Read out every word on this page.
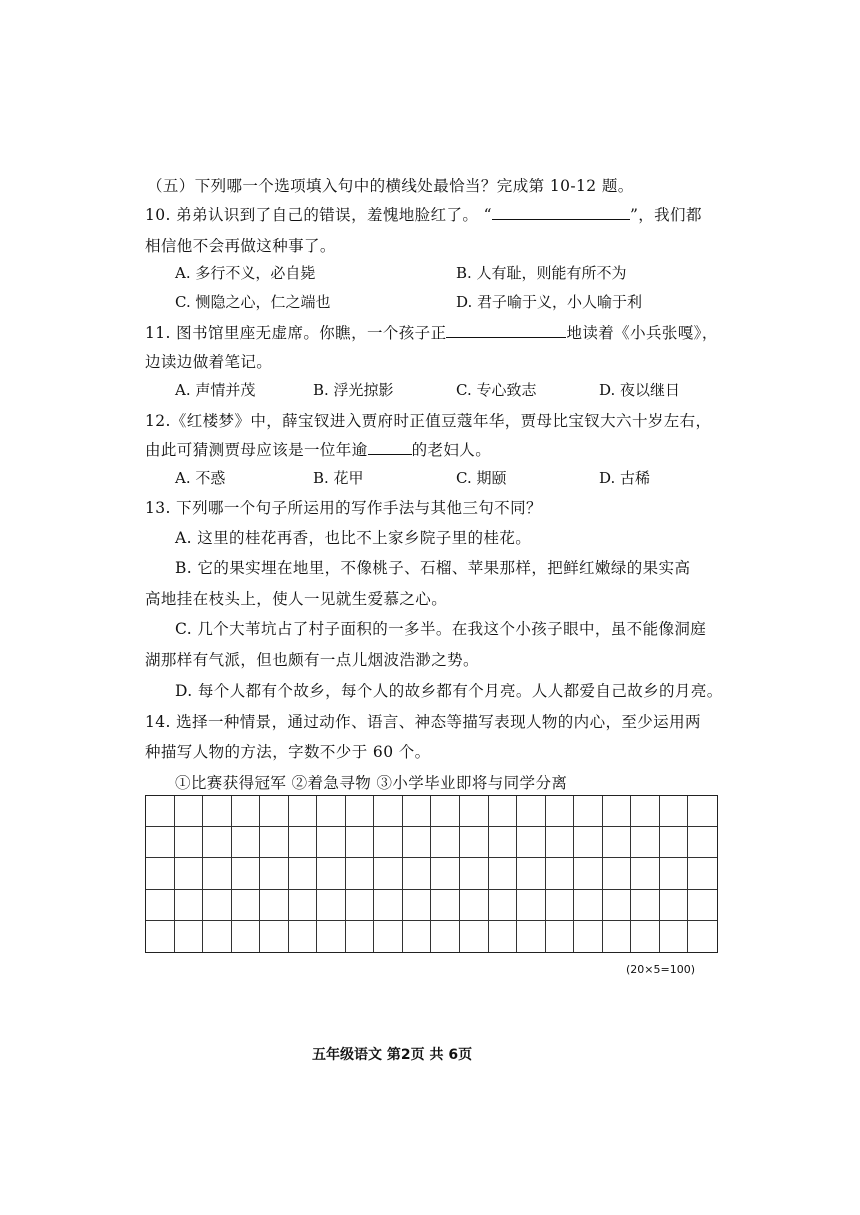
（五）下列哪一个选项填入句中的横线处最恰当？完成第 10-12 题。
10. 弟弟认识到了自己的错误，羞愧地脸红了。 “	”，我们都
相信他不会再做这种事了。
A. 多行不义，必自毙	B. 人有耻，则能有所不为
C. 恻隐之心，仁之端也	D. 君子喻于义，小人喻于利
11. 图书馆里座无虚席。你瞧，一个孩子正	地读着《小兵张嘎》，
边读边做着笔记。
A. 声情并茂	B. 浮光掠影	C. 专心致志	D. 夜以继日
12.《红楼梦》中，薛宝钗进入贾府时正值豆蔻年华，贾母比宝钗大六十岁左右，
由此可猜测贾母应该是一位年逾	的老妇人。
A. 不惑	B. 花甲	C. 期颐	D. 古稀
13. 下列哪一个句子所运用的写作手法与其他三句不同？
A. 这里的桂花再香，也比不上家乡院子里的桂花。
B. 它的果实埋在地里，不像桃子、石榴、苹果那样，把鲜红嫩绿的果实高
高地挂在枝头上，使人一见就生爱慕之心。
C. 几个大苇坑占了村子面积的一多半。在我这个小孩子眼中，虽不能像洞庭
湖那样有气派，但也颇有一点儿烟波浩渺之势。
D. 每个人都有个故乡，每个人的故乡都有个月亮。人人都爱自己故乡的月亮。
14. 选择一种情景，通过动作、语言、神态等描写表现人物的内心，至少运用两
种描写人物的方法，字数不少于 60 个。
①比赛获得冠军 ②着急寻物 ③小学毕业即将与同学分离
(20×5=100)
五年级语文 第2页 共 6页
